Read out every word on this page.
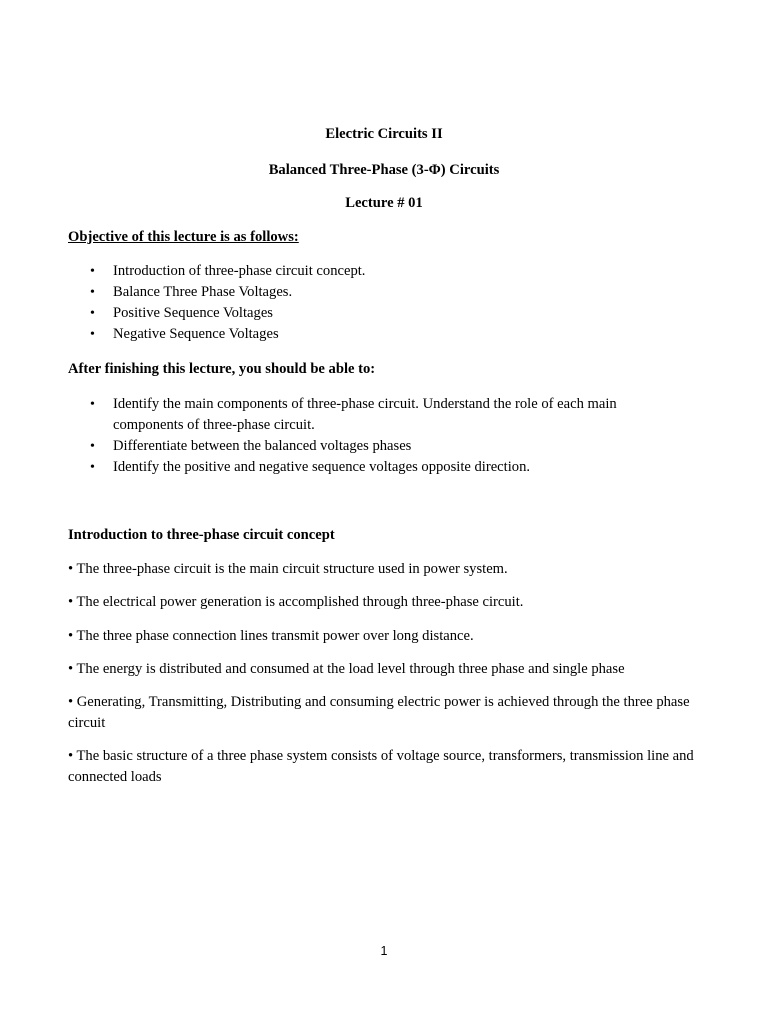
Electric Circuits II
Balanced Three-Phase (3-Φ) Circuits
Lecture # 01
Objective of this lecture is as follows:
• Introduction of three-phase circuit concept.
• Balance Three Phase Voltages.
• Positive Sequence Voltages
• Negative Sequence Voltages
After finishing this lecture, you should be able to:
• Identify the main components of three-phase circuit. Understand the role of each main components of three-phase circuit.
• Differentiate between the balanced voltages phases
• Identify the positive and negative sequence voltages opposite direction.
Introduction to three-phase circuit concept
• The three-phase circuit is the main circuit structure used in power system.
• The electrical power generation is accomplished through three-phase circuit.
• The three phase connection lines transmit power over long distance.
• The energy is distributed and consumed at the load level through three phase and single phase
• Generating, Transmitting, Distributing and consuming electric power is achieved through the three phase circuit
• The basic structure of a three phase system consists of voltage source, transformers, transmission line and connected loads
1
